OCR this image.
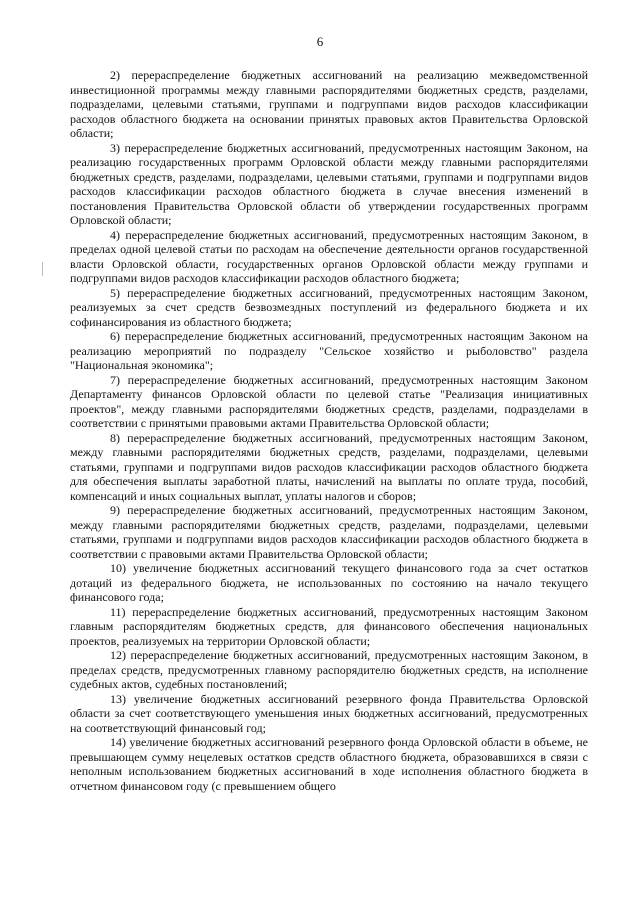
6

2) перераспределение бюджетных ассигнований на реализацию межведомственной инвестиционной программы между главными распорядителями бюджетных средств, разделами, подразделами, целевыми статьями, группами и подгруппами видов расходов классификации расходов областного бюджета на основании принятых правовых актов Правительства Орловской области;

3) перераспределение бюджетных ассигнований, предусмотренных настоящим Законом, на реализацию государственных программ Орловской области между главными распорядителями бюджетных средств, разделами, подразделами, целевыми статьями, группами и подгруппами видов расходов классификации расходов областного бюджета в случае внесения изменений в постановления Правительства Орловской области об утверждении государственных программ Орловской области;

4) перераспределение бюджетных ассигнований, предусмотренных настоящим Законом, в пределах одной целевой статьи по расходам на обеспечение деятельности органов государственной власти Орловской области, государственных органов Орловской области между группами и подгруппами видов расходов классификации расходов областного бюджета;

5) перераспределение бюджетных ассигнований, предусмотренных настоящим Законом, реализуемых за счет средств безвозмездных поступлений из федерального бюджета и их софинансирования из областного бюджета;

6) перераспределение бюджетных ассигнований, предусмотренных настоящим Законом на реализацию мероприятий по подразделу "Сельское хозяйство и рыболовство" раздела "Национальная экономика";

7) перераспределение бюджетных ассигнований, предусмотренных настоящим Законом Департаменту финансов Орловской области по целевой статье "Реализация инициативных проектов", между главными распорядителями бюджетных средств, разделами, подразделами в соответствии с принятыми правовыми актами Правительства Орловской области;

8) перераспределение бюджетных ассигнований, предусмотренных настоящим Законом, между главными распорядителями бюджетных средств, разделами, подразделами, целевыми статьями, группами и подгруппами видов расходов классификации расходов областного бюджета для обеспечения выплаты заработной платы, начислений на выплаты по оплате труда, пособий, компенсаций и иных социальных выплат, уплаты налогов и сборов;

9) перераспределение бюджетных ассигнований, предусмотренных настоящим Законом, между главными распорядителями бюджетных средств, разделами, подразделами, целевыми статьями, группами и подгруппами видов расходов классификации расходов областного бюджета в соответствии с правовыми актами Правительства Орловской области;

10) увеличение бюджетных ассигнований текущего финансового года за счет остатков дотаций из федерального бюджета, не использованных по состоянию на начало текущего финансового года;

11) перераспределение бюджетных ассигнований, предусмотренных настоящим Законом главным распорядителям бюджетных средств, для финансового обеспечения национальных проектов, реализуемых на территории Орловской области;

12) перераспределение бюджетных ассигнований, предусмотренных настоящим Законом, в пределах средств, предусмотренных главному распорядителю бюджетных средств, на исполнение судебных актов, судебных постановлений;

13) увеличение бюджетных ассигнований резервного фонда Правительства Орловской области за счет соответствующего уменьшения иных бюджетных ассигнований, предусмотренных на соответствующий финансовый год;

14) увеличение бюджетных ассигнований резервного фонда Орловской области в объеме, не превышающем сумму нецелевых остатков средств областного бюджета, образовавшихся в связи с неполным использованием бюджетных ассигнований в ходе исполнения областного бюджета в отчетном финансовом году (с превышением общего
